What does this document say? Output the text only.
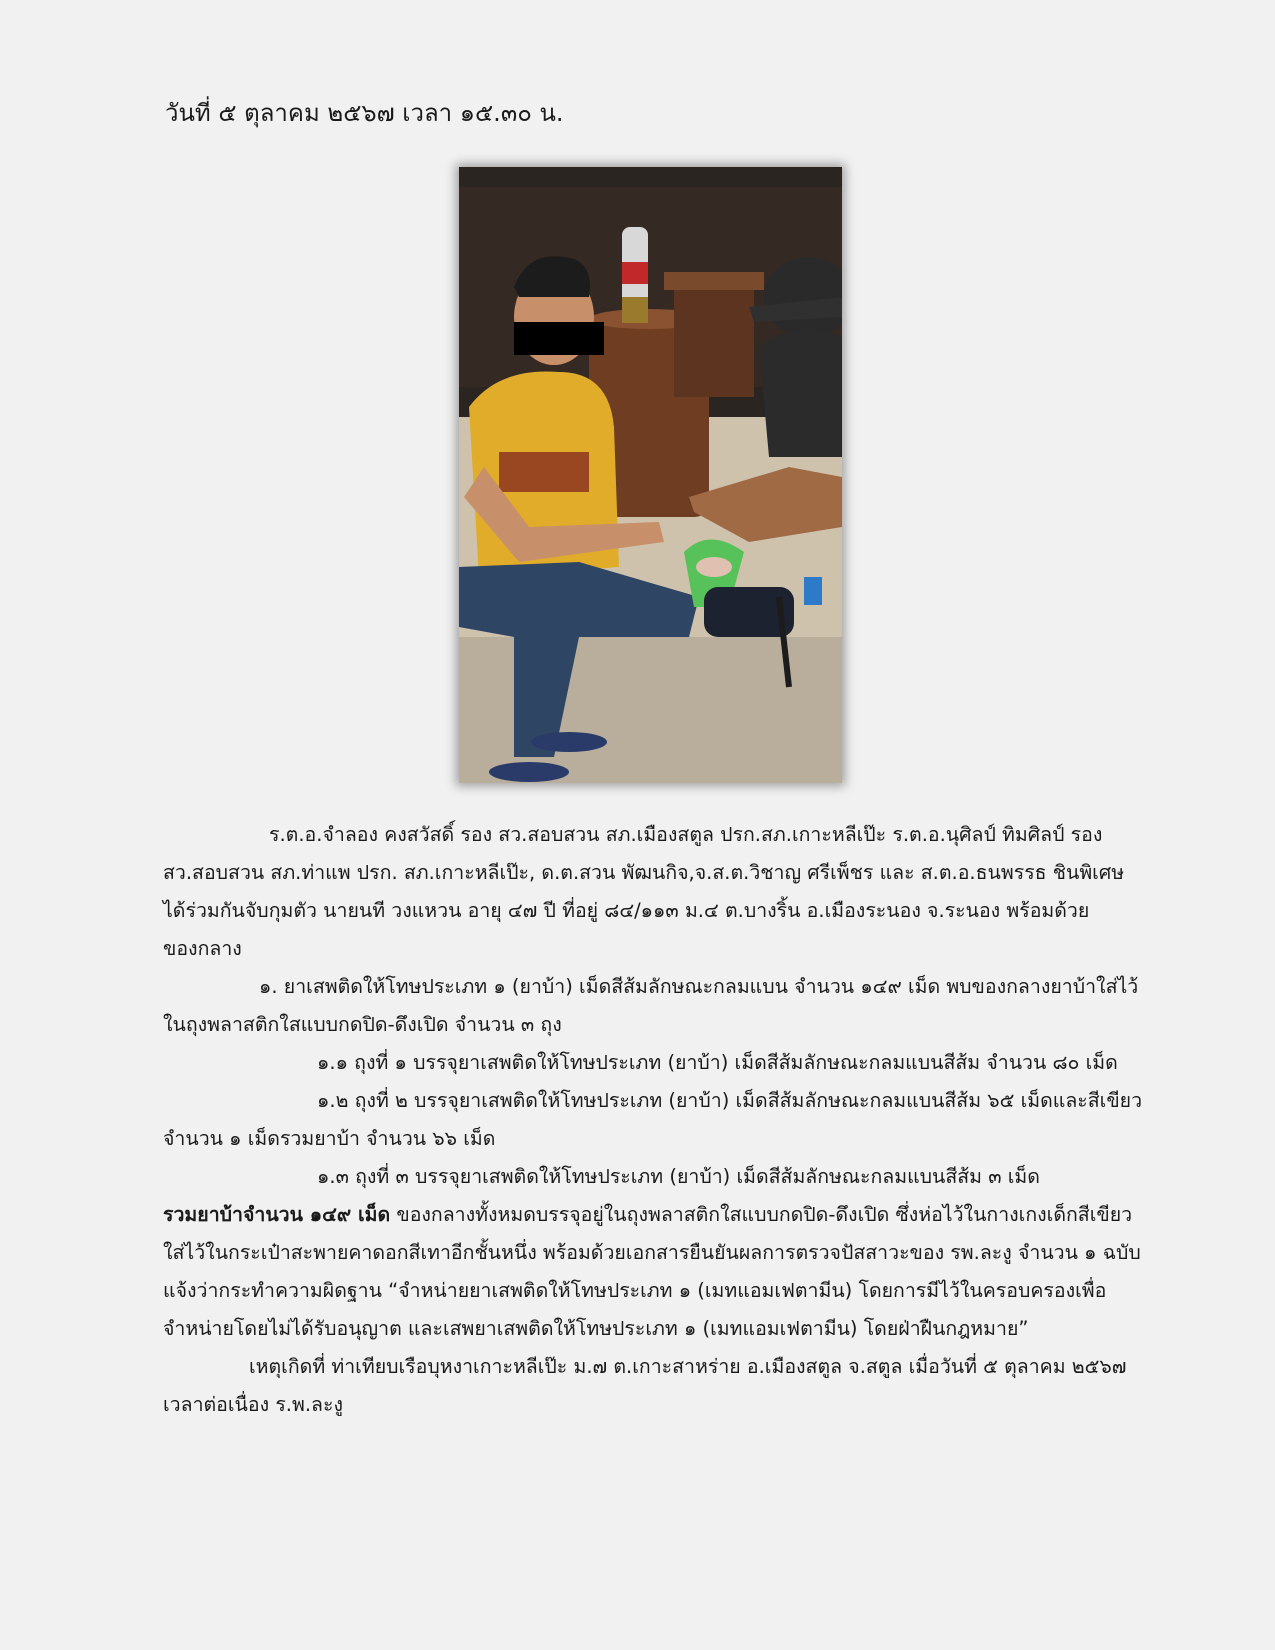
วันที่ ๕ ตุลาคม ๒๕๖๗ เวลา ๑๕.๓๐ น.
ร.ต.อ.จำลอง คงสวัสดิ์ รอง สว.สอบสวน สภ.เมืองสตูล ปรก.สภ.เกาะหลีเป๊ะ ร.ต.อ.นุศิลป์ ทิมศิลป์ รอง
สว.สอบสวน สภ.ท่าแพ ปรก. สภ.เกาะหลีเป๊ะ, ด.ต.สวน พัฒนกิจ,จ.ส.ต.วิชาญ ศรีเพ็ชร และ ส.ต.อ.ธนพรรธ ชินพิเศษ
ได้ร่วมกันจับกุมตัว นายนที วงแหวน อายุ ๔๗ ปี ที่อยู่ ๘๔/๑๑๓ ม.๔ ต.บางริ้น อ.เมืองระนอง จ.ระนอง พร้อมด้วย
ของกลาง
๑. ยาเสพติดให้โทษประเภท ๑ (ยาบ้า) เม็ดสีส้มลักษณะกลมแบน จำนวน ๑๔๙ เม็ด พบของกลางยาบ้าใส่ไว้
ในถุงพลาสติกใสแบบกดปิด-ดึงเปิด จำนวน ๓ ถุง
๑.๑ ถุงที่ ๑ บรรจุยาเสพติดให้โทษประเภท (ยาบ้า) เม็ดสีส้มลักษณะกลมแบนสีส้ม จำนวน ๘๐ เม็ด
๑.๒ ถุงที่ ๒ บรรจุยาเสพติดให้โทษประเภท (ยาบ้า) เม็ดสีส้มลักษณะกลมแบนสีส้ม ๖๕ เม็ดและสีเขียว
จำนวน ๑ เม็ดรวมยาบ้า จำนวน ๖๖ เม็ด
๑.๓ ถุงที่ ๓ บรรจุยาเสพติดให้โทษประเภท (ยาบ้า) เม็ดสีส้มลักษณะกลมแบนสีส้ม ๓ เม็ด
รวมยาบ้าจำนวน ๑๔๙ เม็ด ของกลางทั้งหมดบรรจุอยู่ในถุงพลาสติกใสแบบกดปิด-ดึงเปิด ซึ่งห่อไว้ในกางเกงเด็กสีเขียว
ใส่ไว้ในกระเป๋าสะพายคาดอกสีเทาอีกชั้นหนึ่ง พร้อมด้วยเอกสารยืนยันผลการตรวจปัสสาวะของ รพ.ละงู จำนวน ๑ ฉบับ
แจ้งว่ากระทำความผิดฐาน “จำหน่ายยาเสพติดให้โทษประเภท ๑ (เมทแอมเฟตามีน) โดยการมีไว้ในครอบครองเพื่อ
จำหน่ายโดยไม่ได้รับอนุญาต และเสพยาเสพติดให้โทษประเภท ๑ (เมทแอมเฟตามีน) โดยฝ่าฝืนกฎหมาย”
เหตุเกิดที่ ท่าเทียบเรือบุหงาเกาะหลีเป๊ะ ม.๗ ต.เกาะสาหร่าย อ.เมืองสตูล จ.สตูล เมื่อวันที่ ๕ ตุลาคม ๒๕๖๗
เวลาต่อเนื่อง ร.พ.ละงู
